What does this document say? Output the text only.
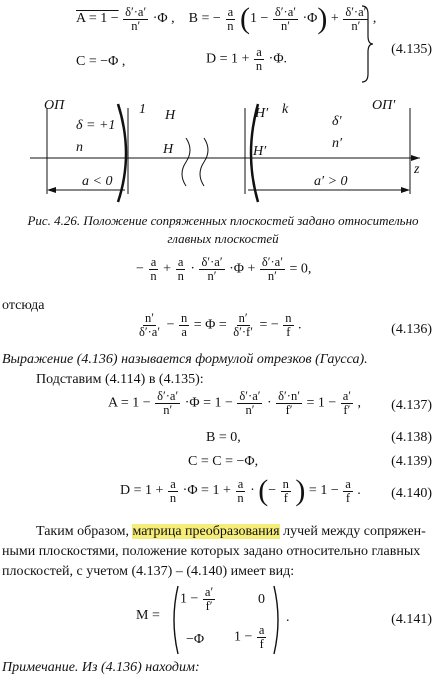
$A = 1 - \frac{\delta'\cdot a'}{n'} \cdot\Phi$ , B = − $\frac{a}{n} (1 - \frac{\delta'\cdot a'}{n'} \cdot\Phi) + \frac{\delta'\cdot a'}{n'}$ ,
C = −Φ ,	$D = 1 + \frac{a}{n} \cdot\Phi$.
(4.135)
ОП	ОП′
δ = +1
n
1 H
H
H′
H′
k
δ′
n′
z
a < 0	a′ > 0
Рис. 4.26. Положение сопряженных плоскостей задано относительно
главных плоскостей
− $\frac{a}{n} + \frac{a}{n} \cdot \frac{\delta'\cdot a'}{n'} \cdot\Phi + \frac{\delta'\cdot a'}{n'} = 0$,
отсюда
$\frac{n'}{\delta'\cdot a'} - \frac{n}{a} = \Phi = \frac{n'}{\delta'\cdot f'}$ = − $\frac{n}{f}$ .	(4.136)
Выражение (4.136) называется формулой отрезков (Гаусса).
Подставим (4.114) в (4.135):
$A = 1 - \frac{\delta'\cdot a'}{n'} \cdot\Phi = 1 - \frac{\delta'\cdot a'}{n'} \cdot \frac{\delta'\cdot n'}{f'} = 1 - \frac{a'}{f'}$ , (4.137)
B = 0,	(4.138)
C = C = −Φ,	(4.139)
$D = 1 + \frac{a}{n} \cdot\Phi = 1 + \frac{a}{n}$ · (− $\frac{n}{f}$ ) = $1 - \frac{a}{f}$ . (4.140)
Таким образом, матрица преобразования лучей между сопряжен-
ными плоскостями, положение которых задано относительно главных
плоскостей, с учетом (4.137) – (4.140) имеет вид:
M =
$1 - \frac{a'}{f'}$	0
−Φ $1 - \frac{a}{f}$
.	(4.141)
Примечание. Из (4.136) находим:
